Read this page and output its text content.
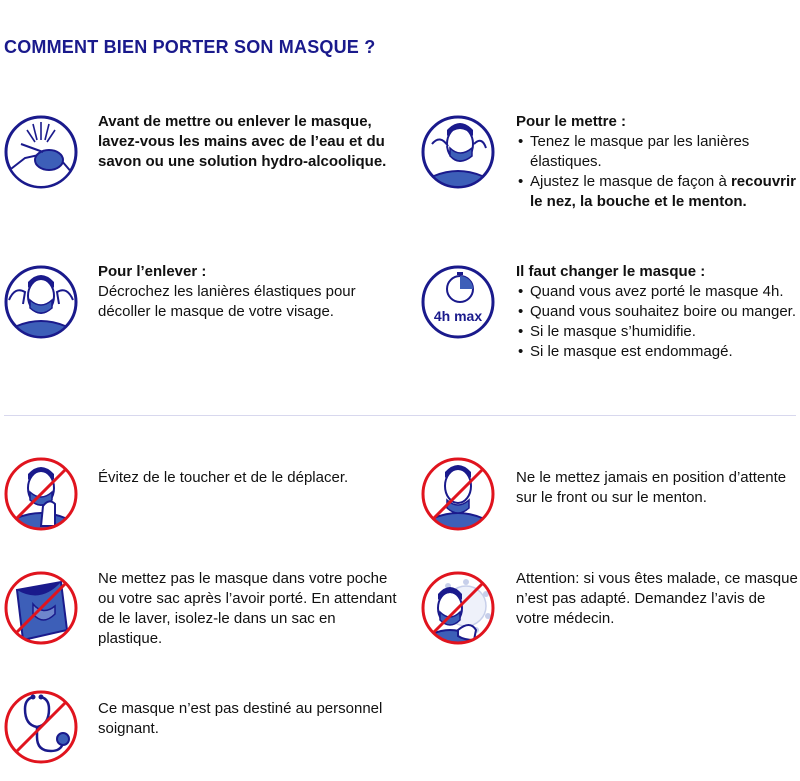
COMMENT BIEN PORTER SON MASQUE ?
Avant de mettre ou enlever le masque, lavez-vous les mains avec de l’eau et du savon ou une solution hydro-alcoolique.
Pour le mettre :
• Tenez le masque par les lanières élastiques.
• Ajustez le masque de façon à recouvrir le nez, la bouche et le menton.
Pour l’enlever :
Décrochez les lanières élastiques pour décoller le masque de votre visage.	4h max
Il faut changer le masque :
• Quand vous avez porté le masque 4h.
• Quand vous souhaitez boire ou manger.
• Si le masque s’humidifie.
• Si le masque est endommagé.
Évitez de le toucher et de le déplacer.	Ne le mettez jamais en position d’attente sur le front ou sur le menton.
Ne mettez pas le masque dans votre poche ou votre sac après l’avoir porté. En attendant de le laver, isolez-le dans un sac en plastique.
Attention: si vous êtes malade, ce masque n’est pas adapté. Demandez l’avis de votre médecin.
Ce masque n’est pas destiné au personnel soignant.
